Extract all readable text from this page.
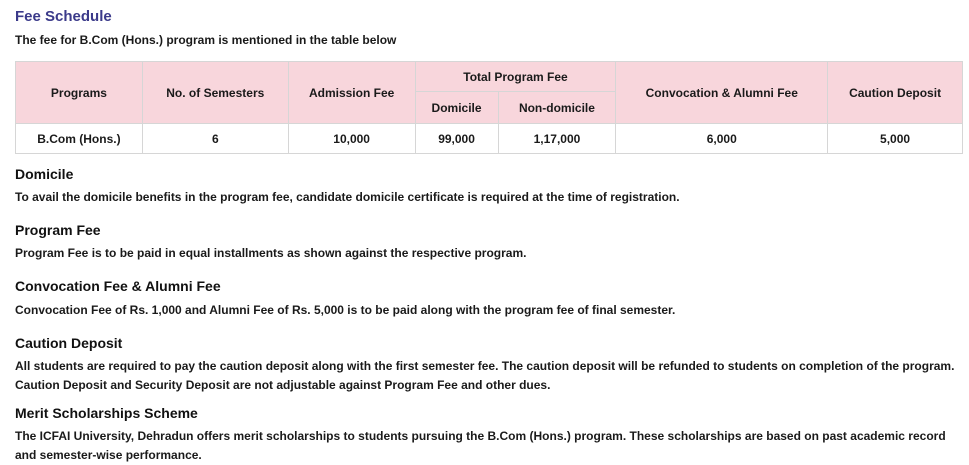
Fee Schedule

The fee for B.Com (Hons.) program is mentioned in the table below

Programs	No. of Semesters	Admission Fee	Total Program Fee		Convocation & Alumni Fee	Caution Deposit
			Domicile	Non-domicile		
B.Com (Hons.)	6	10,000	99,000	1,17,000	6,000	5,000
Domicile

To avail the domicile benefits in the program fee, candidate domicile certificate is required at the time of registration.

Program Fee

Program Fee is to be paid in equal installments as shown against the respective program.

Convocation Fee & Alumni Fee

Convocation Fee of Rs. 1,000 and Alumni Fee of Rs. 5,000 is to be paid along with the program fee of final semester.

Caution Deposit

All students are required to pay the caution deposit along with the first semester fee. The caution deposit will be refunded to students on completion of the program. Caution Deposit and Security Deposit are not adjustable against Program Fee and other dues.

Merit Scholarships Scheme

The ICFAI University, Dehradun offers merit scholarships to students pursuing the B.Com (Hons.) program. These scholarships are based on past academic record and semester-wise performance.
